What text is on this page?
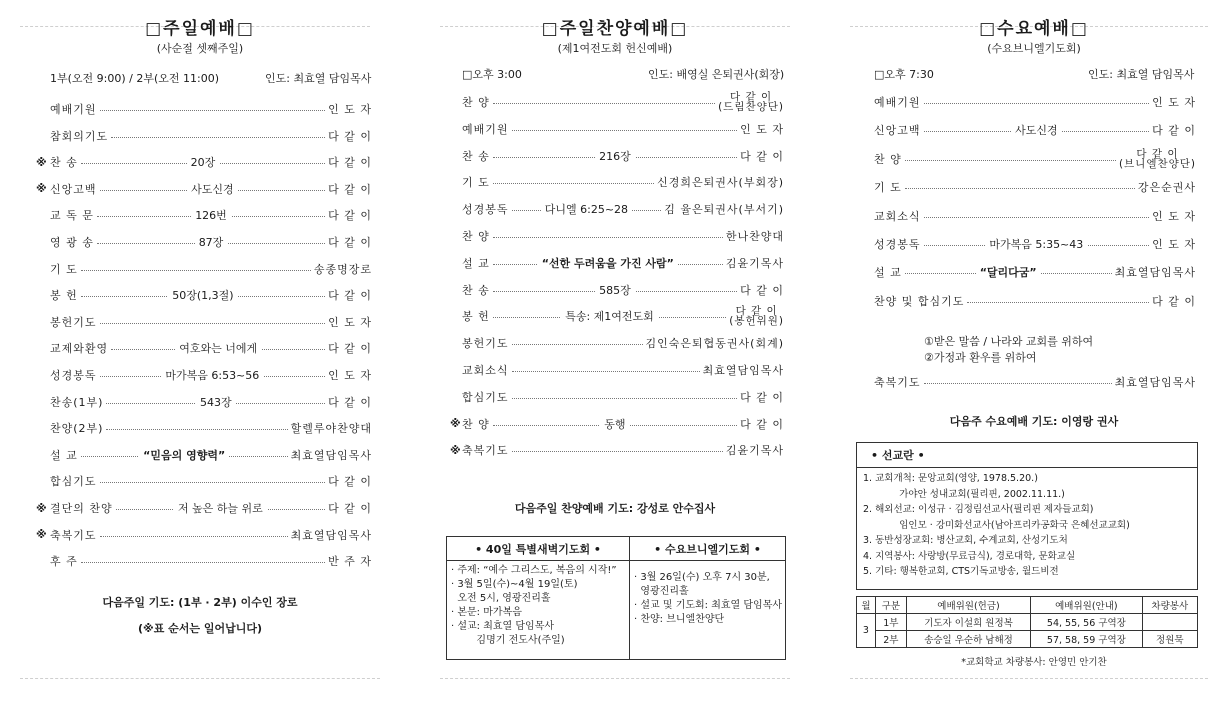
□주일예배□
(사순절 셋째주일)
1부(오전 9:00) / 2부(오전 11:00)	인도: 최효열 담임목사
예배기원	인 도 자
참회의기도	다 같 이
※ 찬 송	20장	다 같 이
※ 신앙고백	사도신경	다 같 이
교 독 문	126번	다 같 이
영 광 송	87장	다 같 이
기 도	송종명장로
봉 헌	50장(1,3절)	다 같 이
봉헌기도	인 도 자
교제와환영	여호와는 너에게	다 같 이
성경봉독	마가복음 6:53~56	인 도 자
찬송(1부)	543장	다 같 이
찬양(2부)	할렐루야찬양대
설 교	“믿음의 영향력”	최효열담임목사
합심기도	다 같 이
※ 결단의 찬양	저 높은 하늘 위로	다 같 이
※ 축복기도	최효열담임목사
후 주	반 주 자
다음주일 기도: (1부 · 2부) 이수인 장로
(※표 순서는 일어납니다)
□주일찬양예배□
(제1여전도회 헌신예배)
□오후 3:00	인도: 배영실 은퇴권사(회장)
찬 양	다 같 이
(드림찬양단)
예배기원	인 도 자
찬 송	216장	다 같 이
기 도	신경희은퇴권사(부회장)
성경봉독	다니엘 6:25~28	김 율은퇴권사(부서기)
찬 양	한나찬양대
설 교	“선한 두려움을 가진 사람”	김윤기목사
찬 송	585장	다 같 이
봉 헌	특송: 제1여전도회	다 같 이
(봉헌위원)
봉헌기도	김인숙은퇴협동권사(회계)
교회소식	최효열담임목사
합심기도	다 같 이
※ 찬 양	동행	다 같 이
※ 축복기도	김윤기목사
다음주일 찬양예배 기도: 강성로 안수집사
• 40일 특별새벽기도회 •
· 주제: “예수 그리스도, 복음의 시작!”
· 3월 5일(수)~4월 19일(토)
오전 5시, 영광진리홀
· 본문: 마가복음
· 설교: 최효열 담임목사
김명기 전도사(주일)
• 수요브니엘기도회 •
· 3월 26일(수) 오후 7시 30분,
영광진리홀
· 설교 및 기도회: 최효열 담임목사
· 찬양: 브니엘찬양단
□수요예배□
(수요브니엘기도회)
□오후 7:30	인도: 최효열 담임목사
예배기원	인 도 자
신앙고백	사도신경	다 같 이
찬 양	다 같 이
(브니엘찬양단)
기 도	강은순권사
교회소식	인 도 자
성경봉독	마가복음 5:35~43	인 도 자
설 교	“달리다굼”	최효열담임목사
찬양 및 합심기도	다 같 이
①받은 말씀 / 나라와 교회를 위하여
②가정과 환우를 위하여
축복기도	최효열담임목사
다음주 수요예배 기도: 이영랑 권사
• 선교란 •
1. 교회개척: 문앙교회(영양, 1978.5.20.)
가야안 성내교회(필리핀, 2002.11.11.)
2. 해외선교: 이성규 · 김정림선교사(필리핀 제자들교회)
임인모 · 강미화선교사(남아프리카공화국 은혜선교교회)
3. 동반성장교회: 병산교회, 수계교회, 산성기도처
4. 지역봉사: 사랑방(무료급식), 경로대학, 문화교실
5. 기타: 행복한교회, CTS기독교방송, 월드비전
월	구분	예배위원(헌금)	예배위원(안내)	차량봉사
3	1부	기도자 이설희 원정복	54, 55, 56 구역장	
	2부	송승일 우순하 남해정	57, 58, 59 구역장	정원묵
*교회학교 차량봉사: 안영민 안기찬
